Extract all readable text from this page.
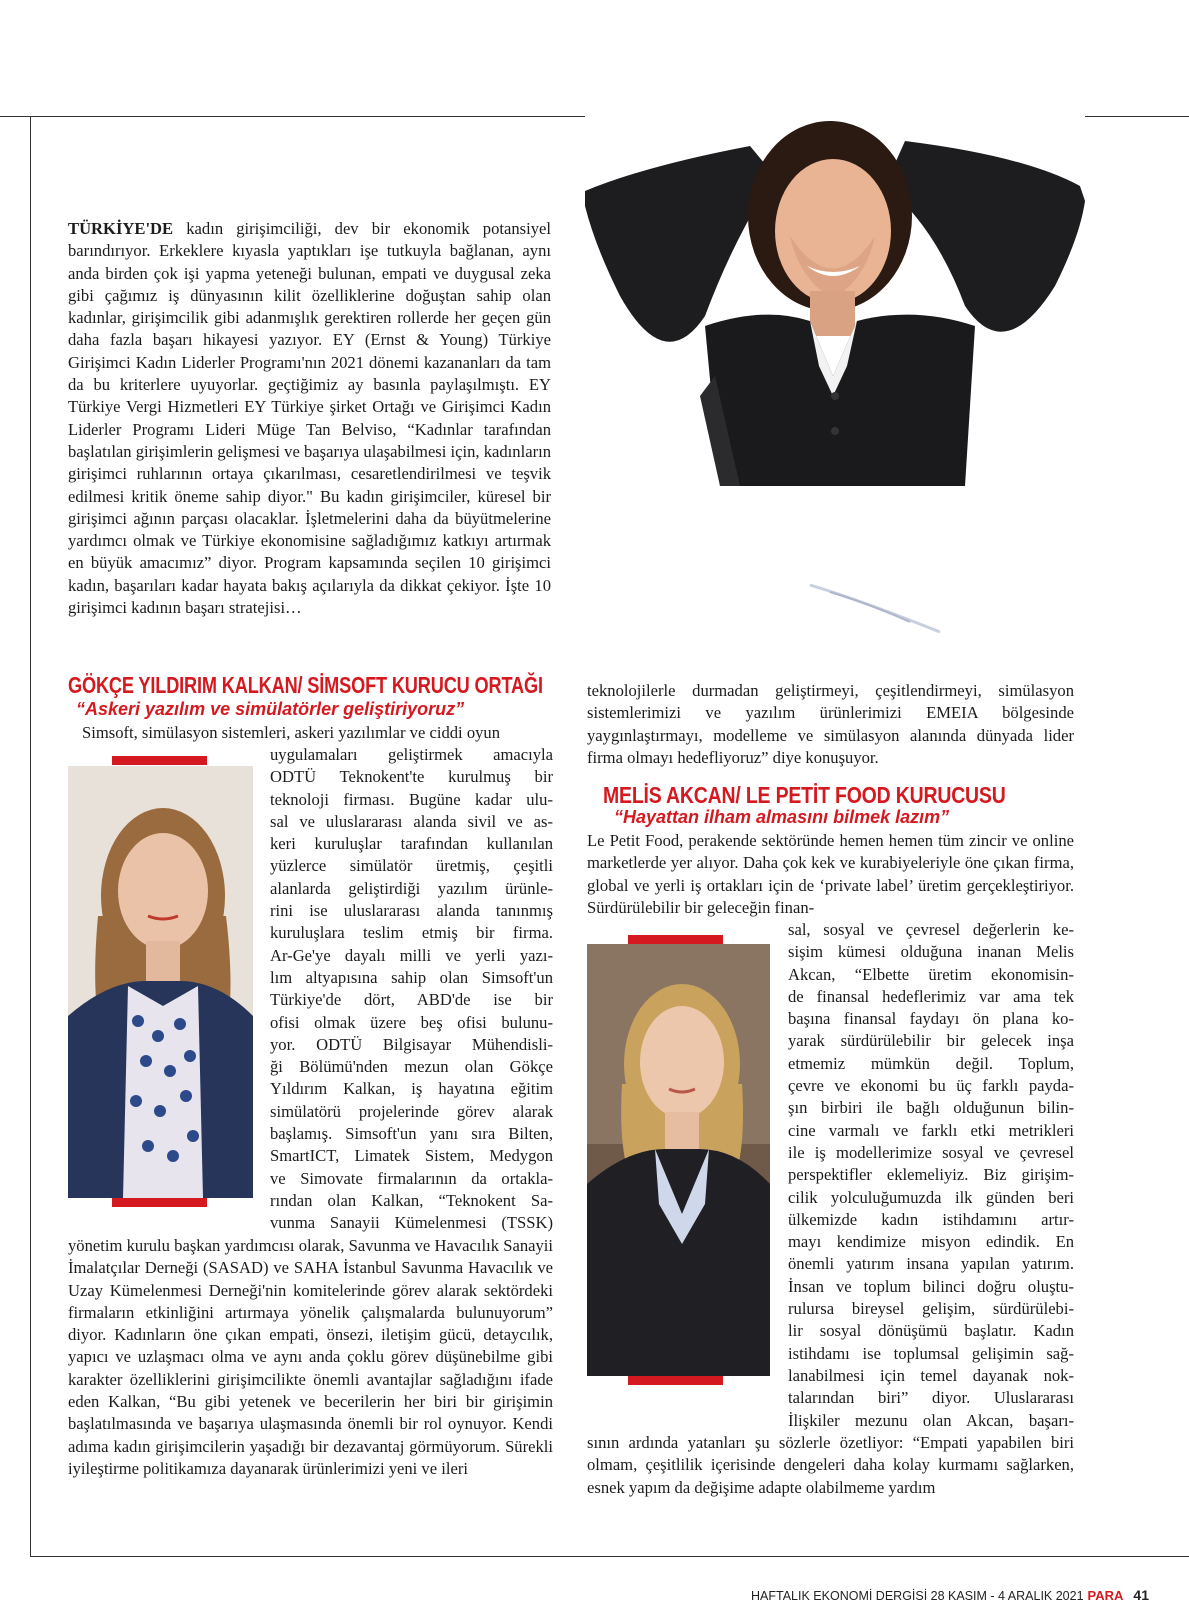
TÜRKİYE'DE kadın girişimciliği, dev bir ekonomik potansiyel barındırıyor. Erkeklere kıyasla yaptıkları işe tutkuyla bağlanan, aynı anda birden çok işi yapma yeteneği bulunan, empati ve duygusal zeka gibi çağımız iş dünyasının kilit özelliklerine doğuştan sahip olan kadınlar, girişimcilik gibi adanmışlık gerektiren rollerde her geçen gün daha fazla başarı hikayesi yazıyor. EY (Ernst & Young) Türkiye Girişimci Kadın Liderler Programı'nın 2021 dönemi kazananları da tam da bu kriterlere uyuyorlar. geçtiğimiz ay basınla paylaşılmıştı. EY Türkiye Vergi Hizmetleri EY Türkiye şirket Ortağı ve Girişimci Kadın Liderler Programı Lideri Müge Tan Belviso, “Kadınlar tarafından başlatılan girişimlerin gelişmesi ve başarıya ulaşabilmesi için, kadınların girişimci ruhlarının ortaya çıkarılması, cesaretlendirilmesi ve teşvik edilmesi kritik öneme sahip diyor." Bu kadın girişimciler, küresel bir girişimci ağının parçası olacaklar. İşletmelerini daha da büyütmelerine yardımcı olmak ve Türkiye ekonomisine sağladığımız katkıyı artırmak en büyük amacımız” diyor. Program kapsamında seçilen 10 girişimci kadın, başarıları kadar hayata bakış açılarıyla da dikkat çekiyor. İşte 10 girişimci kadının başarı stratejisi…

GÖKÇE YILDIRIM KALKAN/ SİMSOFT KURUCU ORTAĞI
“Askeri yazılım ve simülatörler geliştiriyoruz”

Simsoft, simülasyon sistemleri, askeri yazılımlar ve ciddi oyun

uygulamaları geliştirmek amacıyla

ODTÜ Teknokent'te kurulmuş bir

teknoloji firması. Bugüne kadar ulu-

sal ve uluslararası alanda sivil ve as-

keri kuruluşlar tarafından kullanılan

yüzlerce simülatör üretmiş, çeşitli

alanlarda geliştirdiği yazılım ürünle-

rini ise uluslararası alanda tanınmış

kuruluşlara teslim etmiş bir firma.

Ar-Ge'ye dayalı milli ve yerli yazı-

lım altyapısına sahip olan Simsoft'un

Türkiye'de dört, ABD'de ise bir

ofisi olmak üzere beş ofisi bulunu-

yor. ODTÜ Bilgisayar Mühendisli-

ği Bölümü'nden mezun olan Gökçe

Yıldırım Kalkan, iş hayatına eğitim

simülatörü projelerinde görev alarak

başlamış. Simsoft'un yanı sıra Bilten,

SmartICT, Limatek Sistem, Medygon

ve Simovate firmalarının da ortakla-

rından olan Kalkan, “Teknokent Sa-

vunma Sanayii Kümelenmesi (TSSK)

yönetim kurulu başkan yardımcısı olarak, Savunma ve Havacılık Sanayii İmalatçılar Derneği (SASAD) ve SAHA İstanbul Savunma Havacılık ve Uzay Kümelenmesi Derneği'nin komitelerinde görev alarak sektördeki firmaların etkinliğini artırmaya yönelik çalışmalarda bulunuyorum” diyor. Kadınların öne çıkan empati, önsezi, iletişim gücü, detaycılık, yapıcı ve uzlaşmacı olma ve aynı anda çoklu görev düşünebilme gibi karakter özelliklerini girişimcilikte önemli avantajlar sağladığını ifade eden Kalkan, “Bu gibi yetenek ve becerilerin her biri bir girişimin başlatılmasında ve başarıya ulaşmasında önemli bir rol oynuyor. Kendi adıma kadın girişimcilerin yaşadığı bir dezavantaj görmüyorum. Sürekli iyileştirme politikamıza dayanarak ürünlerimizi yeni ve ileri

teknolojilerle durmadan geliştirmeyi, çeşitlendirmeyi, simülasyon sistemlerimizi ve yazılım ürünlerimizi EMEIA bölgesinde yaygınlaştırmayı, modelleme ve simülasyon alanında dünyada lider firma olmayı hedefliyoruz” diye konuşuyor.

MELİS AKCAN/ LE PETİT FOOD KURUCUSU
“Hayattan ilham almasını bilmek lazım”

Le Petit Food, perakende sektöründe hemen hemen tüm zincir ve online marketlerde yer alıyor. Daha çok kek ve kurabiyeleriyle öne çıkan firma, global ve yerli iş ortakları için de ‘private label’ üretim gerçekleştiriyor. Sürdürülebilir bir geleceğin finan-

sal, sosyal ve çevresel değerlerin ke-

sişim kümesi olduğuna inanan Melis

Akcan, “Elbette üretim ekonomisin-

de finansal hedeflerimiz var ama tek

başına finansal faydayı ön plana ko-

yarak sürdürülebilir bir gelecek inşa

etmemiz mümkün değil. Toplum,

çevre ve ekonomi bu üç farklı payda-

şın birbiri ile bağlı olduğunun bilin-

cine varmalı ve farklı etki metrikleri

ile iş modellerimize sosyal ve çevresel

perspektifler eklemeliyiz. Biz girişim-

cilik yolculuğumuzda ilk günden beri

ülkemizde kadın istihdamını artır-

mayı kendimize misyon edindik. En

önemli yatırım insana yapılan yatırım.

İnsan ve toplum bilinci doğru oluştu-

rulursa bireysel gelişim, sürdürülebi-

lir sosyal dönüşümü başlatır. Kadın

istihdamı ise toplumsal gelişimin sağ-

lanabilmesi için temel dayanak nok-

talarından biri” diyor. Uluslararası

İlişkiler mezunu olan Akcan, başarı-

sının ardında yatanları şu sözlerle özetliyor: “Empati yapabilen biri olmam, çeşitlilik içerisinde dengeleri daha kolay kurmamı sağlarken, esnek yapım da değişime adapte olabilmeme yardım

HAFTALIK EKONOMİ DERGİSİ 28 KASIM - 4 ARALIK 2021 PARA 41
